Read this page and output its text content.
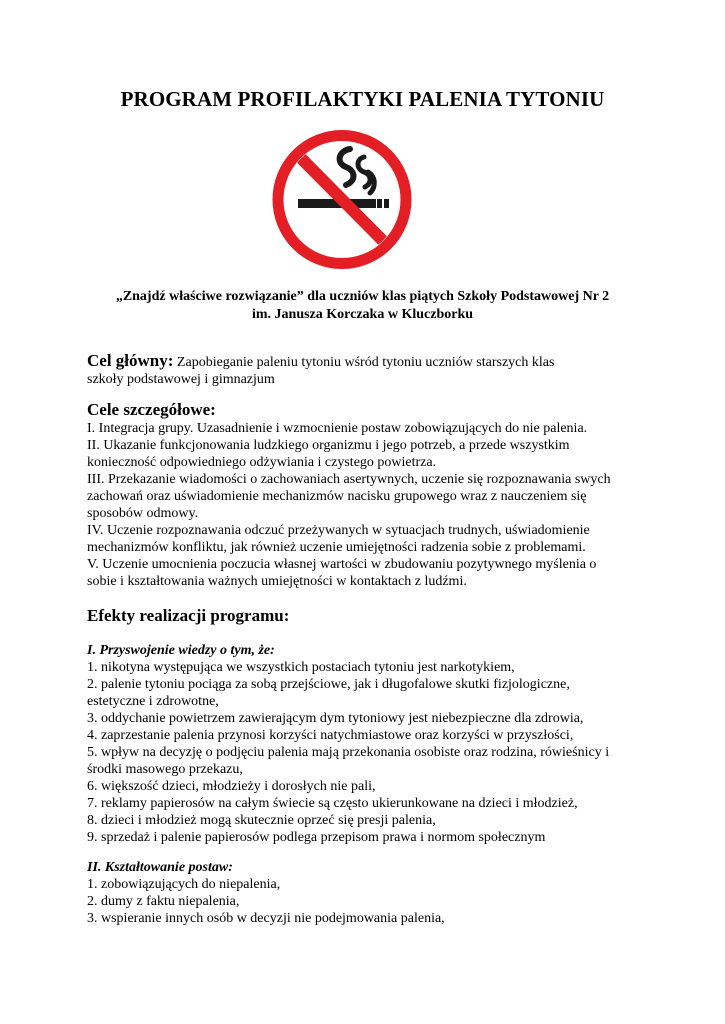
PROGRAM PROFILAKTYKI PALENIA TYTONIU
„Znajdź właściwe rozwiązanie” dla uczniów klas piątych Szkoły Podstawowej Nr 2
im. Janusza Korczaka w Kluczborku
Cel główny: Zapobieganie paleniu tytoniu wśród tytoniu uczniów starszych klas
szkoły podstawowej i gimnazjum
Cele szczegółowe:
I. Integracja grupy. Uzasadnienie i wzmocnienie postaw zobowiązujących do nie palenia.
II. Ukazanie funkcjonowania ludzkiego organizmu i jego potrzeb, a przede wszystkim
konieczność odpowiedniego odżywiania i czystego powietrza.
III. Przekazanie wiadomości o zachowaniach asertywnych, uczenie się rozpoznawania swych
zachowań oraz uświadomienie mechanizmów nacisku grupowego wraz z nauczeniem się
sposobów odmowy.
IV. Uczenie rozpoznawania odczuć przeżywanych w sytuacjach trudnych, uświadomienie
mechanizmów konfliktu, jak również uczenie umiejętności radzenia sobie z problemami.
V. Uczenie umocnienia poczucia własnej wartości w zbudowaniu pozytywnego myślenia o
sobie i kształtowania ważnych umiejętności w kontaktach z ludźmi.
Efekty realizacji programu:
I. Przyswojenie wiedzy o tym, że:
1. nikotyna występująca we wszystkich postaciach tytoniu jest narkotykiem,
2. palenie tytoniu pociąga za sobą przejściowe, jak i długofalowe skutki fizjologiczne,
estetyczne i zdrowotne,
3. oddychanie powietrzem zawierającym dym tytoniowy jest niebezpieczne dla zdrowia,
4. zaprzestanie palenia przynosi korzyści natychmiastowe oraz korzyści w przyszłości,
5. wpływ na decyzję o podjęciu palenia mają przekonania osobiste oraz rodzina, rówieśnicy i
środki masowego przekazu,
6. większość dzieci, młodzieży i dorosłych nie pali,
7. reklamy papierosów na całym świecie są często ukierunkowane na dzieci i młodzież,
8. dzieci i młodzież mogą skutecznie oprzeć się presji palenia,
9. sprzedaż i palenie papierosów podlega przepisom prawa i normom społecznym
II. Kształtowanie postaw:
1. zobowiązujących do niepalenia,
2. dumy z faktu niepalenia,
3. wspieranie innych osób w decyzji nie podejmowania palenia,
